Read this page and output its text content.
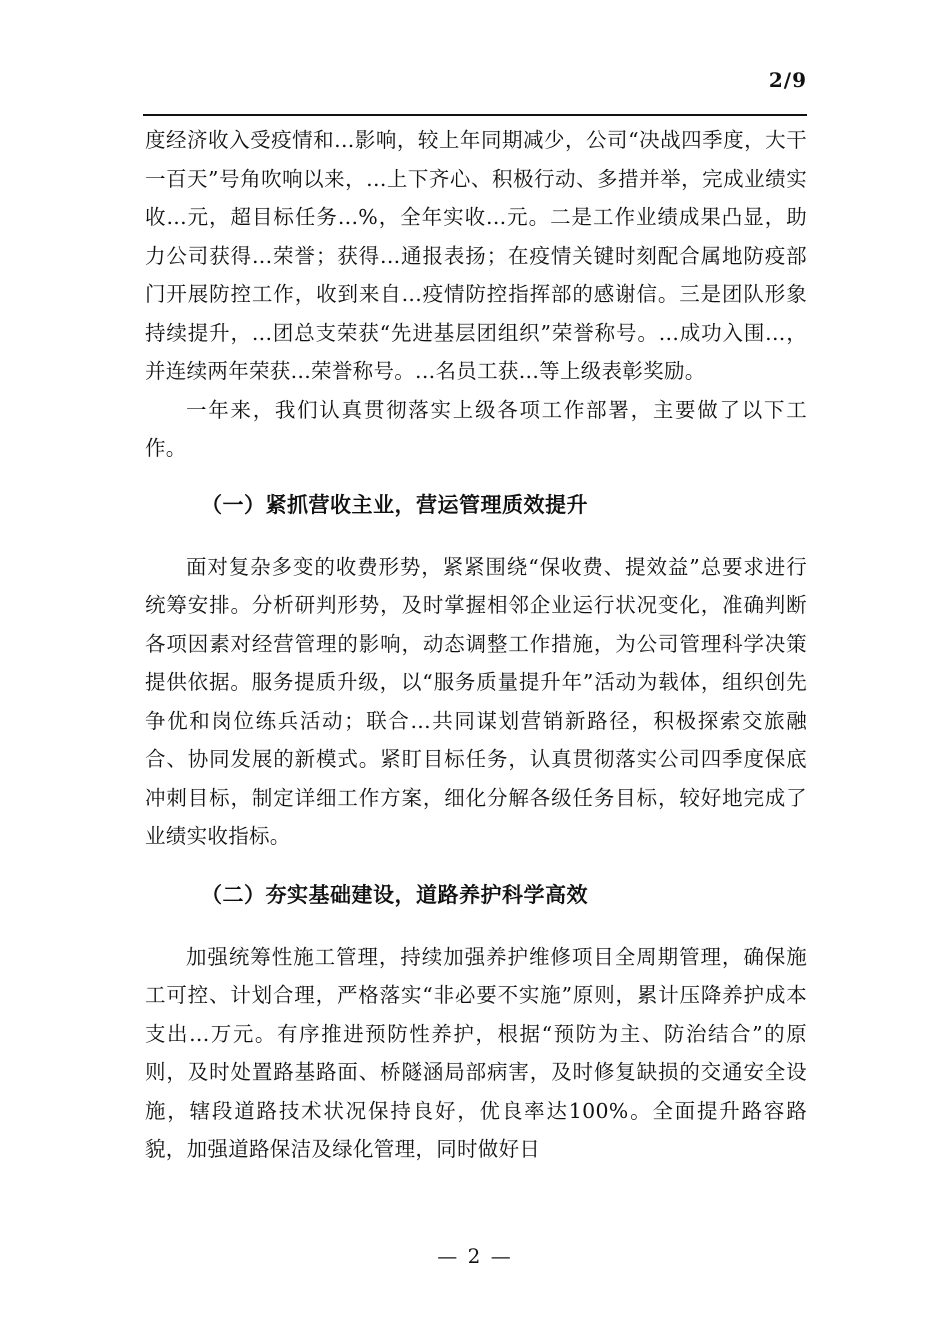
2/9

度经济收入受疫情和...影响，较上年同期减少，公司“决战四季度，大干一百天”号角吹响以来，...上下齐心、积极行动、多措并举，完成业绩实收...元，超目标任务...%，全年实收...元。二是工作业绩成果凸显，助力公司获得...荣誉；获得...通报表扬；在疫情关键时刻配合属地防疫部门开展防控工作，收到来自...疫情防控指挥部的感谢信。三是团队形象持续提升，...团总支荣获“先进基层团组织”荣誉称号。...成功入围...，并连续两年荣获...荣誉称号。...名员工获...等上级表彰奖励。

一年来，我们认真贯彻落实上级各项工作部署，主要做了以下工作。

（一）紧抓营收主业，营运管理质效提升

面对复杂多变的收费形势，紧紧围绕“保收费、提效益”总要求进行统筹安排。分析研判形势，及时掌握相邻企业运行状况变化，准确判断各项因素对经营管理的影响，动态调整工作措施，为公司管理科学决策提供依据。服务提质升级，以“服务质量提升年”活动为载体，组织创先争优和岗位练兵活动；联合...共同谋划营销新路径，积极探索交旅融合、协同发展的新模式。紧盯目标任务，认真贯彻落实公司四季度保底冲刺目标，制定详细工作方案，细化分解各级任务目标，较好地完成了业绩实收指标。

（二）夯实基础建设，道路养护科学高效

加强统筹性施工管理，持续加强养护维修项目全周期管理，确保施工可控、计划合理，严格落实“非必要不实施”原则，累计压降养护成本支出...万元。有序推进预防性养护，根据“预防为主、防治结合”的原则，及时处置路基路面、桥隧涵局部病害，及时修复缺损的交通安全设施，辖段道路技术状况保持良好，优良率达100%。全面提升路容路貌，加强道路保洁及绿化管理，同时做好日

— 2 —
